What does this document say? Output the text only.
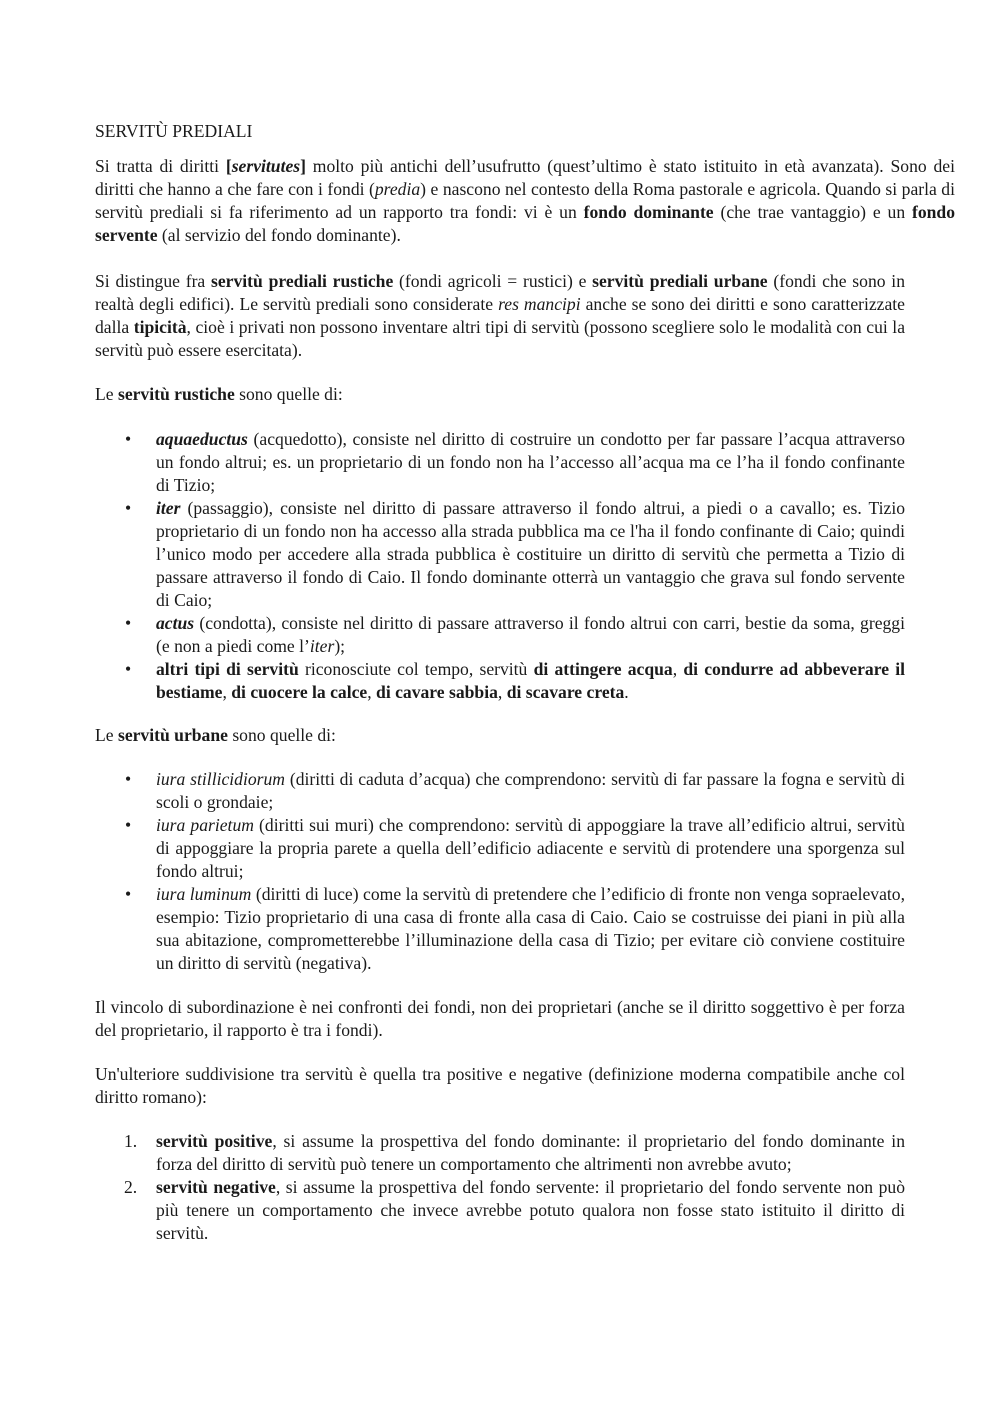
SERVITÙ PREDIALI

Si tratta di diritti [servitutes] molto più antichi dell’usufrutto (quest’ultimo è stato istituito in età avanzata). Sono dei diritti che hanno a che fare con i fondi (predia) e nascono nel contesto della Roma pastorale e agricola. Quando si parla di servitù prediali si fa riferimento ad un rapporto tra fondi: vi è un fondo dominante (che trae vantaggio) e un fondo servente (al servizio del fondo dominante).

Si distingue fra servitù prediali rustiche (fondi agricoli = rustici) e servitù prediali urbane (fondi che sono in realtà degli edifici). Le servitù prediali sono considerate res mancipi anche se sono dei diritti e sono caratterizzate dalla tipicità, cioè i privati non possono inventare altri tipi di servitù (possono scegliere solo le modalità con cui la servitù può essere esercitata).

Le servitù rustiche sono quelle di:

• aquaeductus (acquedotto), consiste nel diritto di costruire un condotto per far passare l’acqua attraverso un fondo altrui; es. un proprietario di un fondo non ha l’accesso all’acqua ma ce l’ha il fondo confinante di Tizio;
• iter (passaggio), consiste nel diritto di passare attraverso il fondo altrui, a piedi o a cavallo; es. Tizio proprietario di un fondo non ha accesso alla strada pubblica ma ce l'ha il fondo confinante di Caio; quindi l’unico modo per accedere alla strada pubblica è costituire un diritto di servitù che permetta a Tizio di passare attraverso il fondo di Caio. Il fondo dominante otterrà un vantaggio che grava sul fondo servente di Caio;
• actus (condotta), consiste nel diritto di passare attraverso il fondo altrui con carri, bestie da soma, greggi (e non a piedi come l’iter);
• altri tipi di servitù riconosciute col tempo, servitù di attingere acqua, di condurre ad abbeverare il bestiame, di cuocere la calce, di cavare sabbia, di scavare creta.

Le servitù urbane sono quelle di:

• iura stillicidiorum (diritti di caduta d’acqua) che comprendono: servitù di far passare la fogna e servitù di scoli o grondaie;
• iura parietum (diritti sui muri) che comprendono: servitù di appoggiare la trave all’edificio altrui, servitù di appoggiare la propria parete a quella dell’edificio adiacente e servitù di protendere una sporgenza sul fondo altrui;
• iura luminum (diritti di luce) come la servitù di pretendere che l’edificio di fronte non venga sopraelevato, esempio: Tizio proprietario di una casa di fronte alla casa di Caio. Caio se costruisse dei piani in più alla sua abitazione, comprometterebbe l’illuminazione della casa di Tizio; per evitare ciò conviene costituire un diritto di servitù (negativa).

Il vincolo di subordinazione è nei confronti dei fondi, non dei proprietari (anche se il diritto soggettivo è per forza del proprietario, il rapporto è tra i fondi).

Un'ulteriore suddivisione tra servitù è quella tra positive e negative (definizione moderna compatibile anche col diritto romano):

1. servitù positive, si assume la prospettiva del fondo dominante: il proprietario del fondo dominante in forza del diritto di servitù può tenere un comportamento che altrimenti non avrebbe avuto;
2. servitù negative, si assume la prospettiva del fondo servente: il proprietario del fondo servente non può più tenere un comportamento che invece avrebbe potuto qualora non fosse stato istituito il diritto di servitù.
